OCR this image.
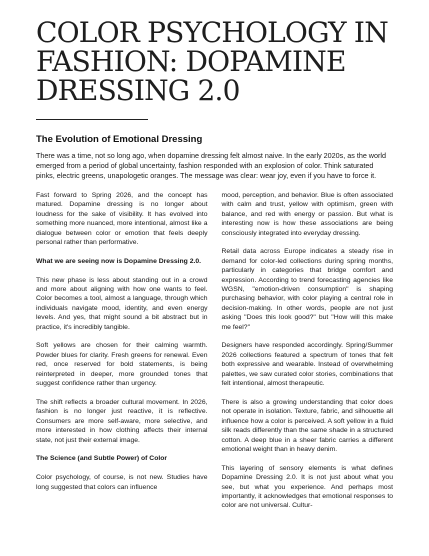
COLOR PSYCHOLOGY IN FASHION: DOPAMINE DRESSING 2.0
The Evolution of Emotional Dressing

There was a time, not so long ago, when dopamine dressing felt almost naive. In the early 2020s, as the world emerged from a period of global uncertainty, fashion responded with an explosion of color. Think saturated pinks, electric greens, unapologetic oranges. The message was clear: wear joy, even if you have to force it.

Fast forward to Spring 2026, and the concept has matured. Dopamine dressing is no longer about loudness for the sake of visibility. It has evolved into something more nuanced, more intentional, almost like a dialogue between color or emotion that feels deeply personal rather than performative.

What we are seeing now is Dopamine Dressing 2.0.

This new phase is less about standing out in a crowd and more about aligning with how one wants to feel. Color becomes a tool, almost a language, through which individuals navigate mood, identity, and even energy levels. And yes, that might sound a bit abstract but in practice, it's incredibly tangible.

Soft yellows are chosen for their calming warmth. Powder blues for clarity. Fresh greens for renewal. Even red, once reserved for bold statements, is being reinterpreted in deeper, more grounded tones that suggest confidence rather than urgency.

The shift reflects a broader cultural movement. In 2026, fashion is no longer just reactive, it is reflective. Consumers are more self-aware, more selective, and more interested in how clothing affects their internal state, not just their external image.

The Science (and Subtle Power) of Color

Color psychology, of course, is not new. Studies have long suggested that colors can influence

mood, perception, and behavior. Blue is often associated with calm and trust, yellow with optimism, green with balance, and red with energy or passion. But what is interesting now is how these associations are being consciously integrated into everyday dressing.

Retail data across Europe indicates a steady rise in demand for color-led collections during spring months, particularly in categories that bridge comfort and expression. According to trend forecasting agencies like WGSN, "emotion-driven consumption" is shaping purchasing behavior, with color playing a central role in decision-making. In other words, people are not just asking "Does this look good?" but "How will this make me feel?"

Designers have responded accordingly. Spring/Summer 2026 collections featured a spectrum of tones that felt both expressive and wearable. Instead of overwhelming palettes, we saw curated color stories, combinations that felt intentional, almost therapeutic.

There is also a growing understanding that color does not operate in isolation. Texture, fabric, and silhouette all influence how a color is perceived. A soft yellow in a fluid silk reads differently than the same shade in a structured cotton. A deep blue in a sheer fabric carries a different emotional weight than in heavy denim.

This layering of sensory elements is what defines Dopamine Dressing 2.0. It is not just about what you see, but what you experience. And perhaps most importantly, it acknowledges that emotional responses to color are not universal. Cultur-
